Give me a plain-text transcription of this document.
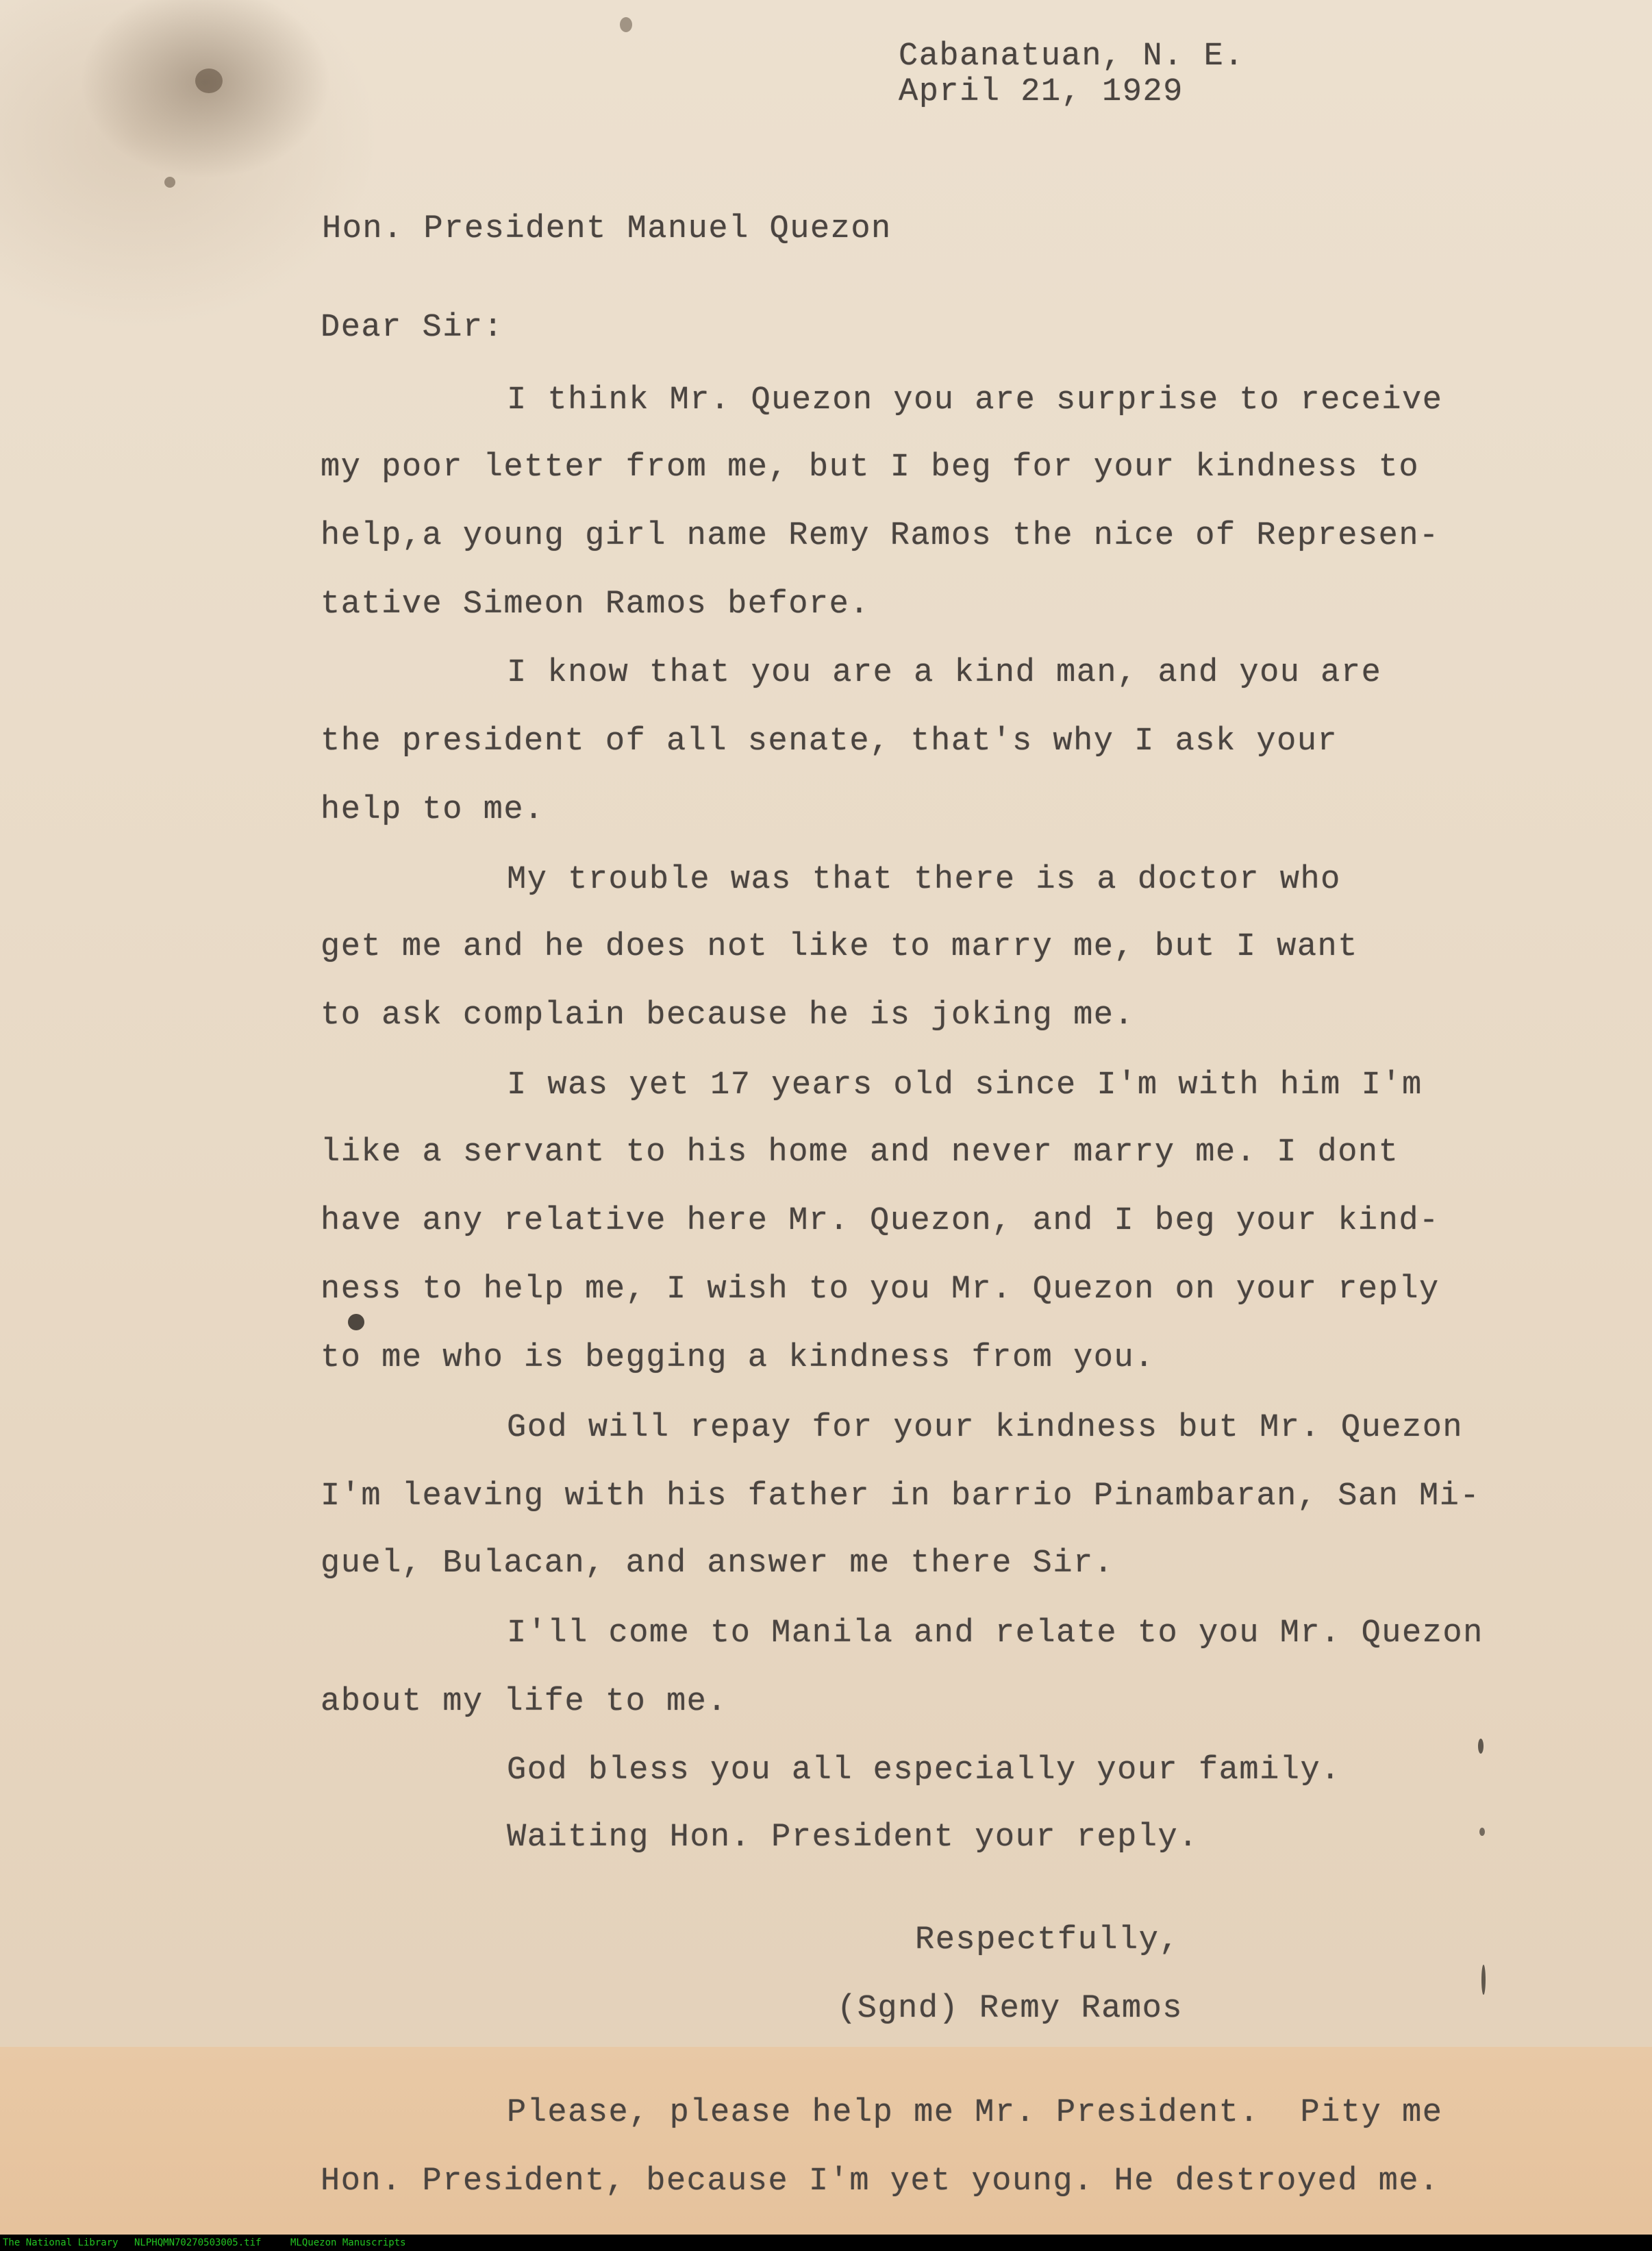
Cabanatuan, N. E.

April 21, 1929

Hon. President Manuel Quezon

Dear Sir:

I think Mr. Quezon you are surprise to receive

my poor letter from me, but I beg for your kindness to

help,a young girl name Remy Ramos the nice of Represen-

tative Simeon Ramos before.

I know that you are a kind man, and you are

the president of all senate, that's why I ask your

help to me.

My trouble was that there is a doctor who

get me and he does not like to marry me, but I want

to ask complain because he is joking me.

I was yet 17 years old since I'm with him I'm

like a servant to his home and never marry me. I dont

have any relative here Mr. Quezon, and I beg your kind-

ness to help me, I wish to you Mr. Quezon on your reply

to me who is begging a kindness from you.

God will repay for your kindness but Mr. Quezon

I'm leaving with his father in barrio Pinambaran, San Mi-

guel, Bulacan, and answer me there Sir.

I'll come to Manila and relate to you Mr. Quezon

about my life to me.

God bless you all especially your family.

Waiting Hon. President your reply.

Respectfully,

(Sgnd) Remy Ramos

Please, please help me Mr. President.  Pity me

Hon. President, because I'm yet young. He destroyed me.

The National Library NLPHQMN70270503005.tif	MLQuezon Manuscripts
